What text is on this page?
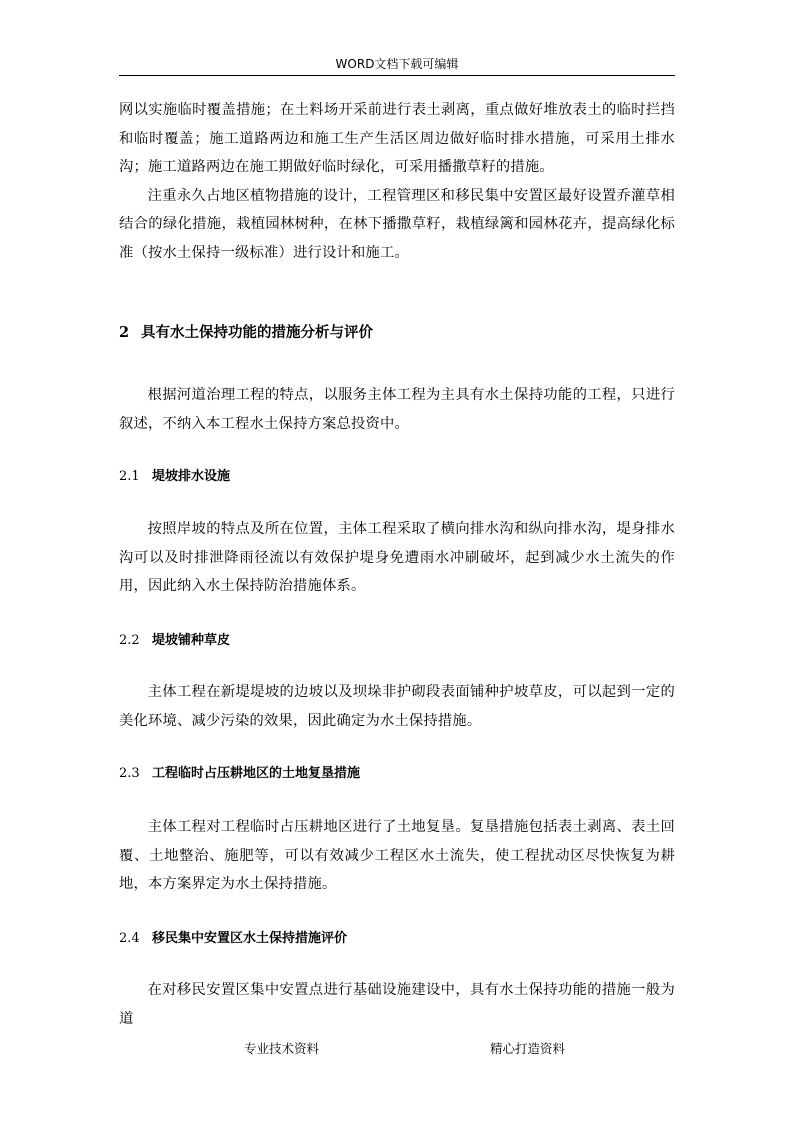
WORD文档下载可编辑

网以实施临时覆盖措施；在土料场开采前进行表土剥离，重点做好堆放表土的临时拦挡和临时覆盖；施工道路两边和施工生产生活区周边做好临时排水措施，可采用土排水沟；施工道路两边在施工期做好临时绿化，可采用播撒草籽的措施。

注重永久占地区植物措施的设计，工程管理区和移民集中安置区最好设置乔灌草相结合的绿化措施，栽植园林树种，在林下播撒草籽，栽植绿篱和园林花卉，提高绿化标准（按水土保持一级标准）进行设计和施工。

2 具有水土保持功能的措施分析与评价

根据河道治理工程的特点，以服务主体工程为主具有水土保持功能的工程，只进行叙述，不纳入本工程水土保持方案总投资中。

2.1 堤坡排水设施

按照岸坡的特点及所在位置，主体工程采取了横向排水沟和纵向排水沟，堤身排水沟可以及时排泄降雨径流以有效保护堤身免遭雨水冲刷破坏，起到减少水土流失的作用，因此纳入水土保持防治措施体系。

2.2 堤坡铺种草皮

主体工程在新堤堤坡的边坡以及坝垛非护砌段表面铺种护坡草皮，可以起到一定的美化环境、减少污染的效果，因此确定为水土保持措施。

2.3 工程临时占压耕地区的土地复垦措施

主体工程对工程临时占压耕地区进行了土地复垦。复垦措施包括表土剥离、表土回覆、土地整治、施肥等，可以有效减少工程区水土流失，使工程扰动区尽快恢复为耕地，本方案界定为水土保持措施。

2.4 移民集中安置区水土保持措施评价

在对移民安置区集中安置点进行基础设施建设中，具有水土保持功能的措施一般为道

专业技术资料	精心打造资料
